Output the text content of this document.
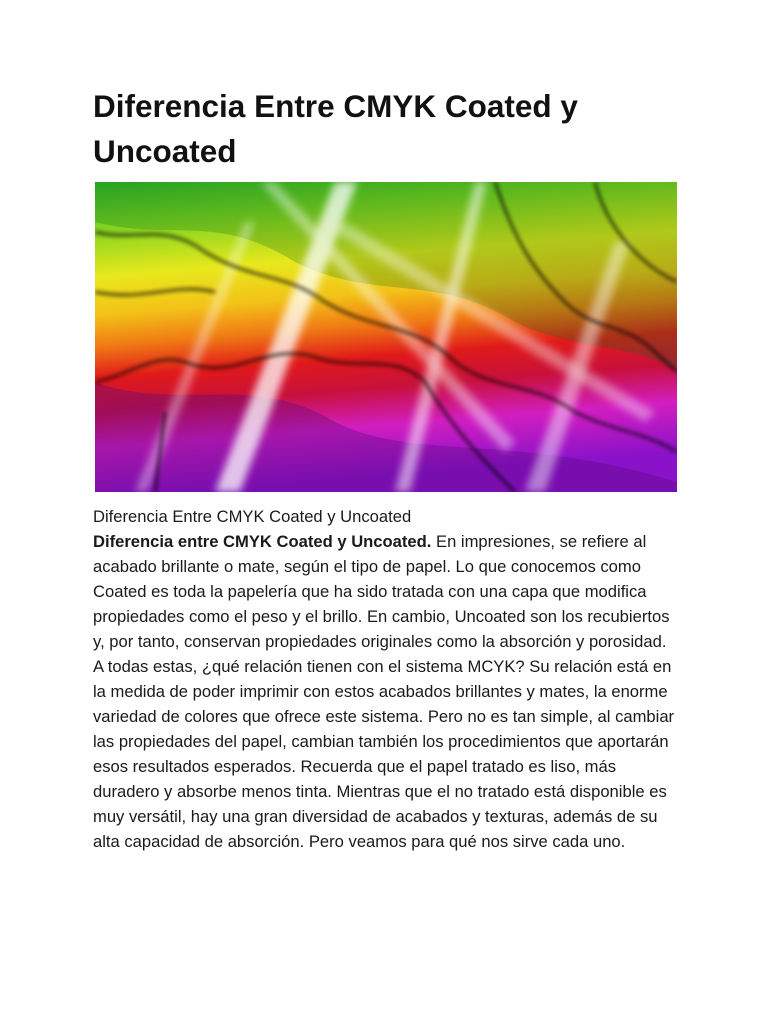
Diferencia Entre CMYK Coated y Uncoated

Diferencia Entre CMYK Coated y Uncoated

Diferencia entre CMYK Coated y Uncoated. En impresiones, se refiere al acabado brillante o mate, según el tipo de papel. Lo que conocemos como Coated es toda la papelería que ha sido tratada con una capa que modifica propiedades como el peso y el brillo. En cambio, Uncoated son los recubiertos y, por tanto, conservan propiedades originales como la absorción y porosidad.

A todas estas, ¿qué relación tienen con el sistema MCYK? Su relación está en la medida de poder imprimir con estos acabados brillantes y mates, la enorme variedad de colores que ofrece este sistema. Pero no es tan simple, al cambiar las propiedades del papel, cambian también los procedimientos que aportarán esos resultados esperados. Recuerda que el papel tratado es liso, más duradero y absorbe menos tinta. Mientras que el no tratado está disponible es muy versátil, hay una gran diversidad de acabados y texturas, además de su alta capacidad de absorción. Pero veamos para qué nos sirve cada uno.
